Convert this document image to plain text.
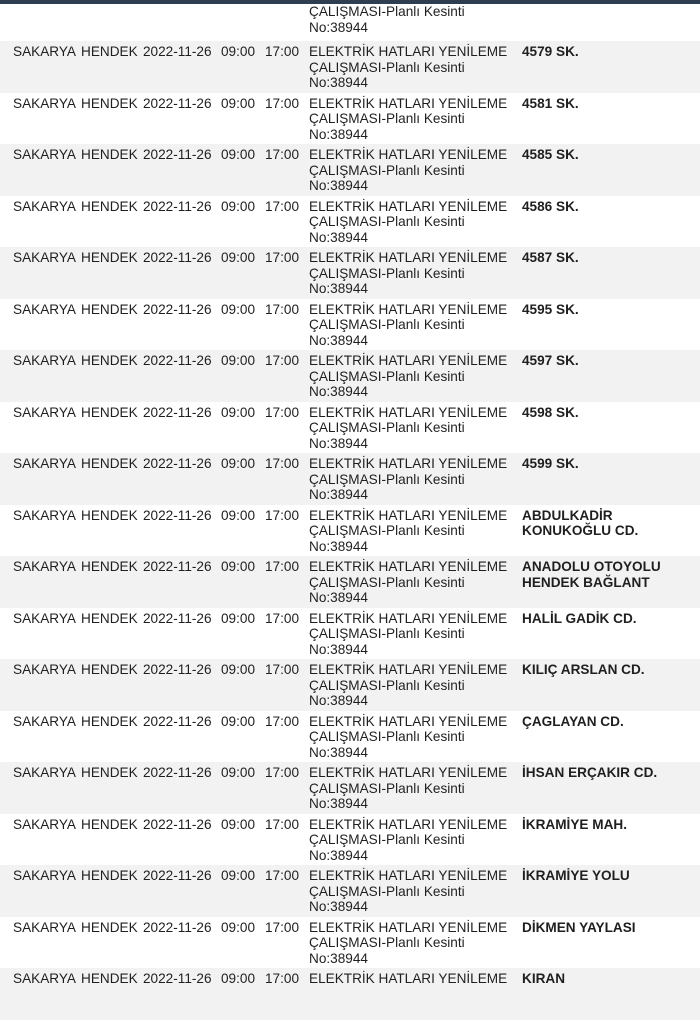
ÇALIŞMASI-Planlı Kesinti
No:38944
SAKARYA HENDEK 2022-11-26 09:00 17:00 ELEKTRİK HATLARI YENİLEME
ÇALIŞMASI-Planlı Kesinti
No:38944
4579 SK.
SAKARYA HENDEK 2022-11-26 09:00 17:00 ELEKTRİK HATLARI YENİLEME
ÇALIŞMASI-Planlı Kesinti
No:38944
4581 SK.
SAKARYA HENDEK 2022-11-26 09:00 17:00 ELEKTRİK HATLARI YENİLEME
ÇALIŞMASI-Planlı Kesinti
No:38944
4585 SK.
SAKARYA HENDEK 2022-11-26 09:00 17:00 ELEKTRİK HATLARI YENİLEME
ÇALIŞMASI-Planlı Kesinti
No:38944
4586 SK.
SAKARYA HENDEK 2022-11-26 09:00 17:00 ELEKTRİK HATLARI YENİLEME
ÇALIŞMASI-Planlı Kesinti
No:38944
4587 SK.
SAKARYA HENDEK 2022-11-26 09:00 17:00 ELEKTRİK HATLARI YENİLEME
ÇALIŞMASI-Planlı Kesinti
No:38944
4595 SK.
SAKARYA HENDEK 2022-11-26 09:00 17:00 ELEKTRİK HATLARI YENİLEME
ÇALIŞMASI-Planlı Kesinti
No:38944
4597 SK.
SAKARYA HENDEK 2022-11-26 09:00 17:00 ELEKTRİK HATLARI YENİLEME
ÇALIŞMASI-Planlı Kesinti
No:38944
4598 SK.
SAKARYA HENDEK 2022-11-26 09:00 17:00 ELEKTRİK HATLARI YENİLEME
ÇALIŞMASI-Planlı Kesinti
No:38944
4599 SK.
SAKARYA HENDEK 2022-11-26 09:00 17:00 ELEKTRİK HATLARI YENİLEME
ÇALIŞMASI-Planlı Kesinti
No:38944
ABDULKADİR KONUKOĞLU CD.
SAKARYA HENDEK 2022-11-26 09:00 17:00 ELEKTRİK HATLARI YENİLEME
ÇALIŞMASI-Planlı Kesinti
No:38944
ANADOLU OTOYOLU HENDEK BAĞLANT
SAKARYA HENDEK 2022-11-26 09:00 17:00 ELEKTRİK HATLARI YENİLEME
ÇALIŞMASI-Planlı Kesinti
No:38944
HALİL GADİK CD.
SAKARYA HENDEK 2022-11-26 09:00 17:00 ELEKTRİK HATLARI YENİLEME
ÇALIŞMASI-Planlı Kesinti
No:38944
KILIÇ ARSLAN CD.
SAKARYA HENDEK 2022-11-26 09:00 17:00 ELEKTRİK HATLARI YENİLEME
ÇALIŞMASI-Planlı Kesinti
No:38944
ÇAGLAYAN CD.
SAKARYA HENDEK 2022-11-26 09:00 17:00 ELEKTRİK HATLARI YENİLEME
ÇALIŞMASI-Planlı Kesinti
No:38944
İHSAN ERÇAKIR CD.
SAKARYA HENDEK 2022-11-26 09:00 17:00 ELEKTRİK HATLARI YENİLEME
ÇALIŞMASI-Planlı Kesinti
No:38944
İKRAMİYE MAH.
SAKARYA HENDEK 2022-11-26 09:00 17:00 ELEKTRİK HATLARI YENİLEME
ÇALIŞMASI-Planlı Kesinti
No:38944
İKRAMİYE YOLU
SAKARYA HENDEK 2022-11-26 09:00 17:00 ELEKTRİK HATLARI YENİLEME
ÇALIŞMASI-Planlı Kesinti
No:38944
DİKMEN YAYLASI
SAKARYA HENDEK 2022-11-26 09:00 17:00 ELEKTRİK HATLARI YENİLEME	KIRAN
